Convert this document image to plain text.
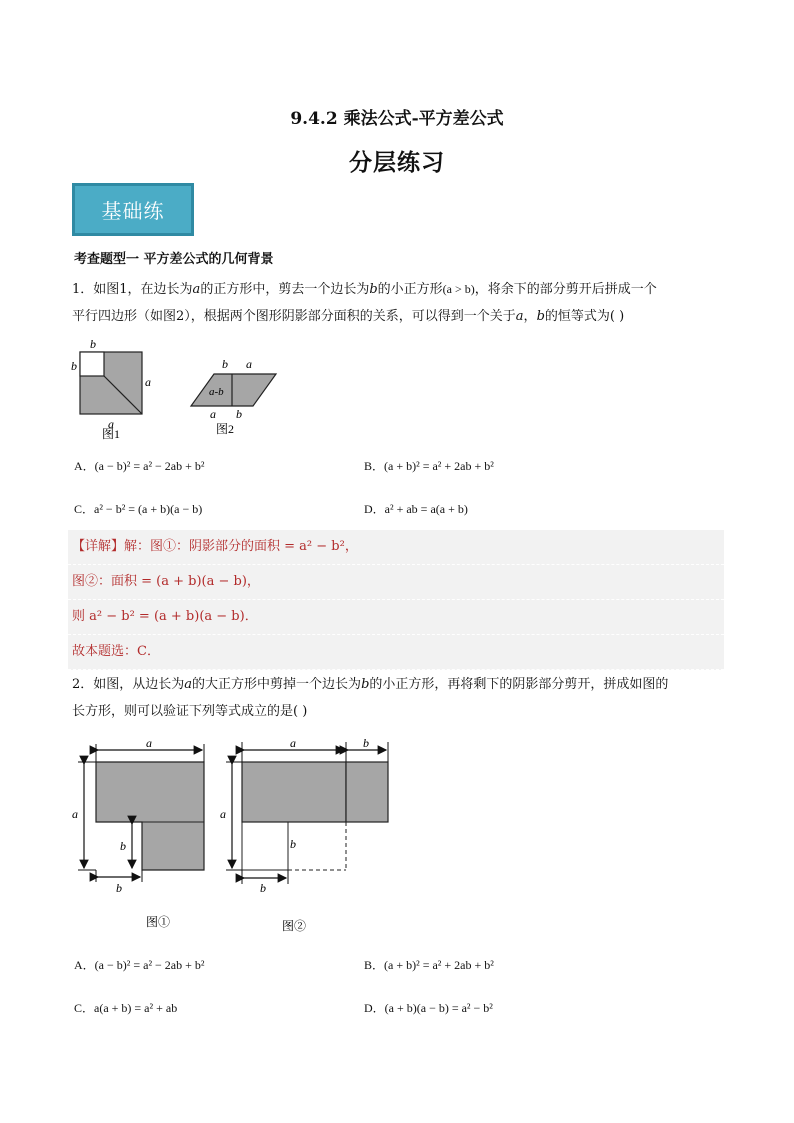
9.4.2 乘法公式-平方差公式
分层练习
基础练
考查题型一 平方差公式的几何背景
1．如图1，在边长为a的正方形中，剪去一个边长为b的小正方形(a > b)，将余下的部分剪开后拼成一个
平行四边形（如图2），根据两个图形阴影部分面积的关系，可以得到一个关于a，b的恒等式为( )
b
b
a
a
图1
b a
a-b
a b
图2
A．(a − b)² = a² − 2ab + b²	B．(a + b)² = a² + 2ab + b²
C．a² − b² = (a + b)(a − b)	D．a² + ab = a(a + b)
【详解】解：图①：阴影部分的面积 = a² − b²，
图②：面积 = (a + b)(a − b)，
则 a² − b² = (a + b)(a − b)．
故本题选：C．
2．如图，从边长为a的大正方形中剪掉一个边长为b的小正方形，再将剩下的阴影部分剪开，拼成如图的
长方形，则可以验证下列等式成立的是( )
a
a
b
b
图①
a	b
a
b
b
图②
A．(a − b)² = a² − 2ab + b²	B．(a + b)² = a² + 2ab + b²
C．a(a + b) = a² + ab	D．(a + b)(a − b) = a² − b²
